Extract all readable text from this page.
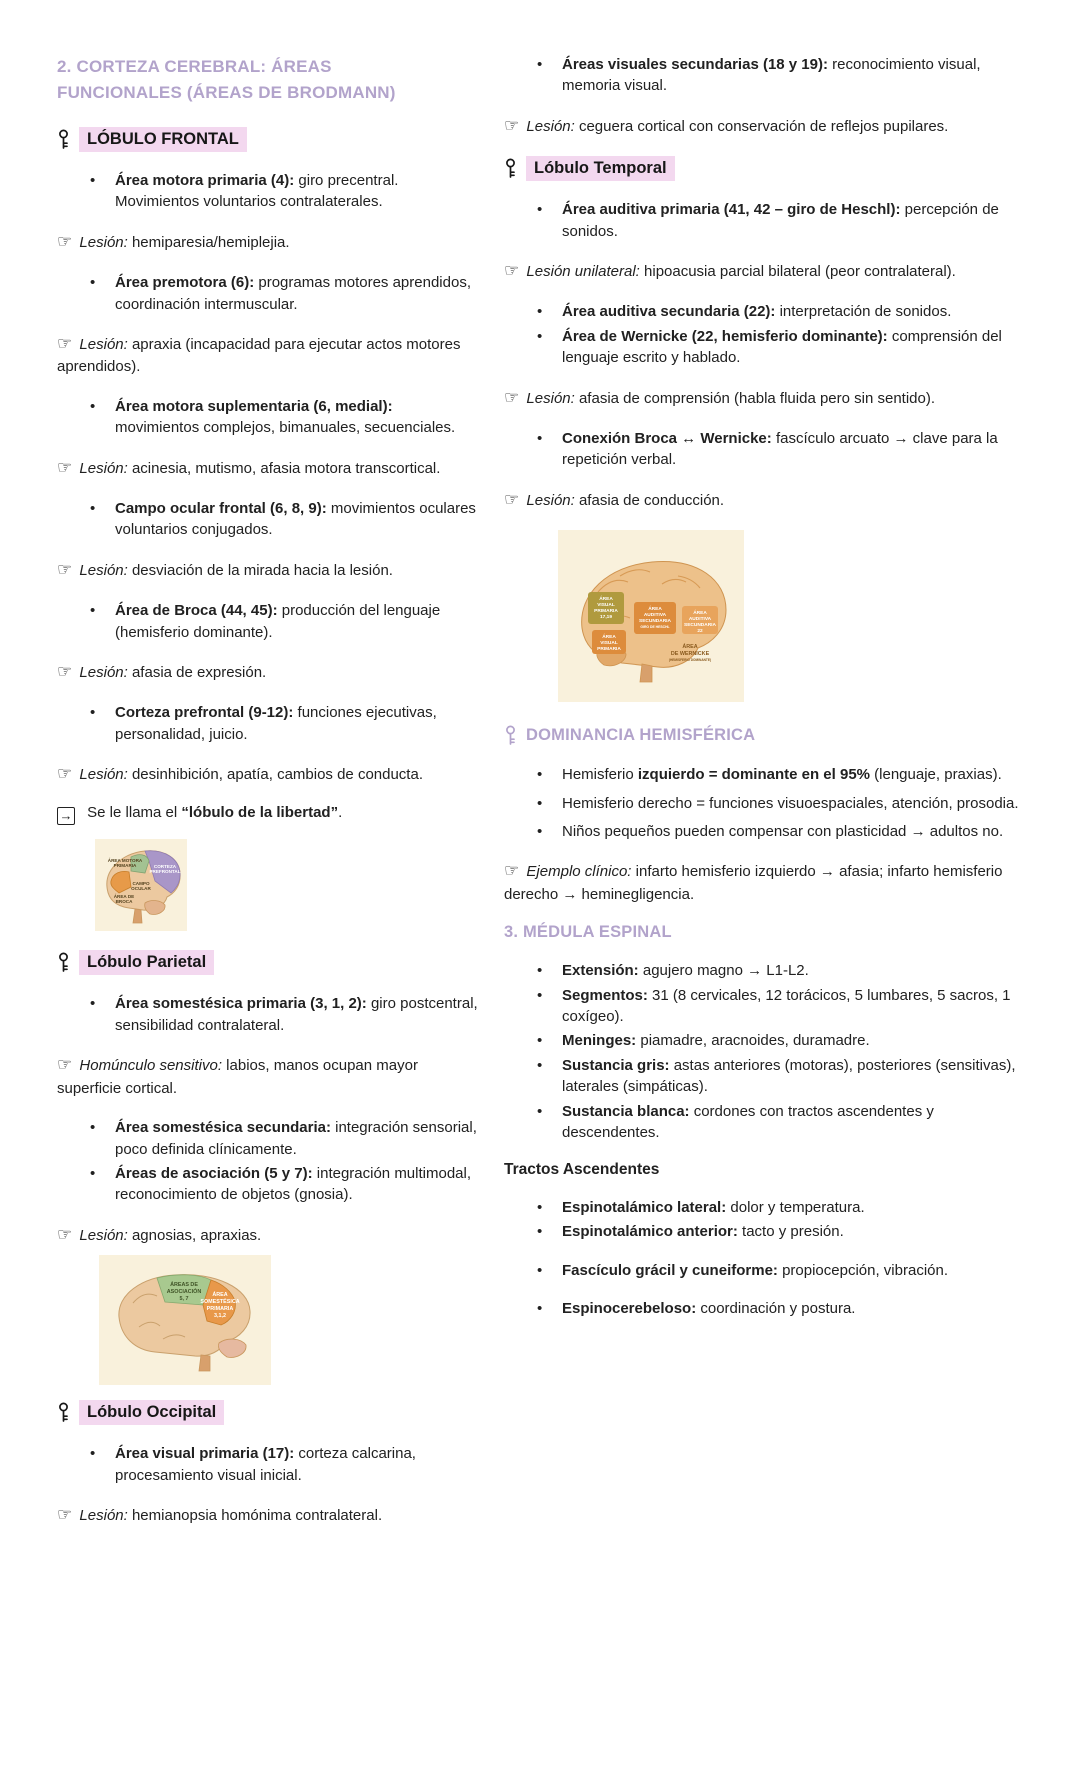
2. CORTEZA CEREBRAL: ÁREAS FUNCIONALES (ÁREAS DE BRODMANN)
LÓBULO FRONTAL
•	Área motora primaria (4): giro precentral. Movimientos voluntarios contralaterales.

☞ Lesión: hemiparesia/hemiplejia.

•	Área premotora (6): programas motores aprendidos, coordinación intermuscular.

☞ Lesión: apraxia (incapacidad para ejecutar actos motores aprendidos).

•	Área motora suplementaria (6, medial): movimientos complejos, bimanuales, secuenciales.

☞ Lesión: acinesia, mutismo, afasia motora transcortical.

•	Campo ocular frontal (6, 8, 9): movimientos oculares voluntarios conjugados.

☞ Lesión: desviación de la mirada hacia la lesión.

•	Área de Broca (44, 45): producción del lenguaje (hemisferio dominante).

☞ Lesión: afasia de expresión.

•	Corteza prefrontal (9-12): funciones ejecutivas, personalidad, juicio.

☞ Lesión: desinhibición, apatía, cambios de conducta.

→ Se le llama el “lóbulo de la libertad”.

ÁREA MOTORA
PRIMARIA	CORTEZA
PREFRONTAL
CAMPO
OCULAR
ÁREA DE
BROCA
Lóbulo Parietal
•	Área somestésica primaria (3, 1, 2): giro postcentral, sensibilidad contralateral.

☞ Homúnculo sensitivo: labios, manos ocupan mayor superficie cortical.

•	Área somestésica secundaria: integración sensorial, poco definida clínicamente.

•	Áreas de asociación (5 y 7): integración multimodal, reconocimiento de objetos (gnosia).

☞ Lesión: agnosias, apraxias.

ÁREAS DE
ASOCIACIÓN
5, 7
ÁREA
SOMESTÉSICA
PRIMARIA
3,1,2
Lóbulo Occipital
•	Área visual primaria (17): corteza calcarina, procesamiento visual inicial.

☞ Lesión: hemianopsia homónima contralateral.

•	Áreas visuales secundarias (18 y 19): reconocimiento visual, memoria visual.

☞ Lesión: ceguera cortical con conservación de reflejos pupilares.

Lóbulo Temporal
•	Área auditiva primaria (41, 42 – giro de Heschl): percepción de sonidos.

☞ Lesión unilateral: hipoacusia parcial bilateral (peor contralateral).

•	Área auditiva secundaria (22): interpretación de sonidos.

•	Área de Wernicke (22, hemisferio dominante): comprensión del lenguaje escrito y hablado.

☞ Lesión: afasia de comprensión (habla fluida pero sin sentido).

•	Conexión Broca ↔ Wernicke: fascículo arcuato → clave para la repetición verbal.

☞ Lesión: afasia de conducción.

ÁREA
VISUAL
PRIMARIA
17,19
ÁREA
AUDITIVA
SECUNDARIA
GIRO DE HESCHL
ÁREA
AUDITIVA
SECUNDARIA
22
ÁREA
VISUAL
PRIMARIA	ÁREA
DE WERNICKE
(HEMISFERIO DOMINANTE)
DOMINANCIA HEMISFÉRICA
•	Hemisferio izquierdo = dominante en el 95% (lenguaje, praxias).

•	Hemisferio derecho = funciones visuoespaciales, atención, prosodia.

•	Niños pequeños pueden compensar con plasticidad → adultos no.

☞ Ejemplo clínico: infarto hemisferio izquierdo → afasia; infarto hemisferio derecho → heminegligencia.

3. MÉDULA ESPINAL
•	Extensión: agujero magno → L1-L2.

•	Segmentos: 31 (8 cervicales, 12 torácicos, 5 lumbares, 5 sacros, 1 coxígeo).

•	Meninges: piamadre, aracnoides, duramadre.

•	Sustancia gris: astas anteriores (motoras), posteriores (sensitivas), laterales (simpáticas).

•	Sustancia blanca: cordones con tractos ascendentes y descendentes.

Tractos Ascendentes
•	Espinotalámico lateral: dolor y temperatura.

•	Espinotalámico anterior: tacto y presión.

•	Fascículo grácil y cuneiforme: propiocepción, vibración.

•	Espinocerebeloso: coordinación y postura.
